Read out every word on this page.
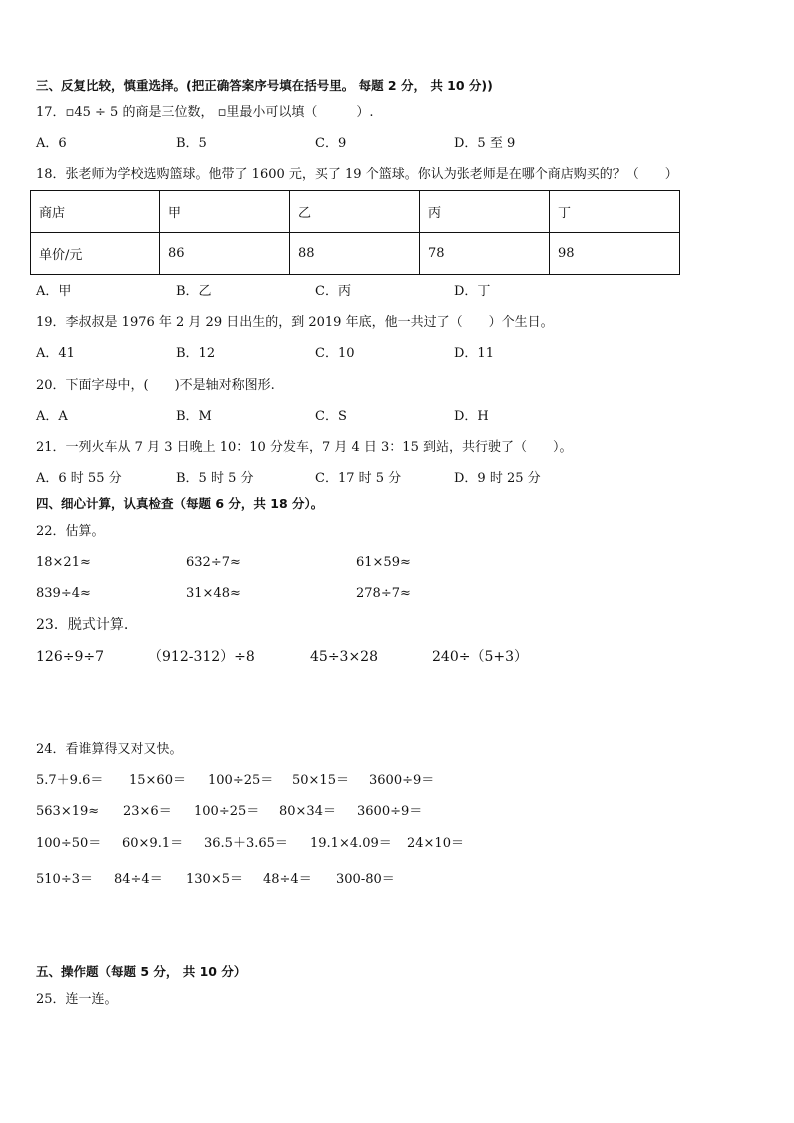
三、反复比较，慎重选择。(把正确答案序号填在括号里。 每题 2 分， 共 10 分))
17．▫45 ÷ 5 的商是三位数， ▫里最小可以填（　　　）.
A．6	B．5	C．9	D．5 至 9
18．张老师为学校选购篮球。他带了 1600 元，买了 19 个篮球。你认为张老师是在哪个商店购买的？（　　）
商店	甲	乙	丙	丁
单价/元	86	88	78	98
A．甲	B．乙	C．丙	D．丁
19．李叔叔是 1976 年 2 月 29 日出生的，到 2019 年底，他一共过了（　　）个生日。
A．41	B．12	C．10	D．11
20．下面字母中，(　　)不是轴对称图形.
A．A	B．M	C．S	D．H
21．一列火车从 7 月 3 日晚上 10：10 分发车，7 月 4 日 3：15 到站，共行驶了（　　）。
A．6 时 55 分	B．5 时 5 分	C．17 时 5 分	D．9 时 25 分
四、细心计算，认真检查（每题 6 分，共 18 分）。
22．估算。
18×21≈	632÷7≈	61×59≈
839÷4≈	31×48≈	278÷7≈
23．脱式计算.
126÷9÷7	（912-312）÷8	45÷3×28	240÷（5+3）
24．看谁算得又对又快。
5.7＋9.6＝ 15×60＝ 100÷25＝ 50×15＝ 3600÷9＝
563×19≈ 23×6＝ 100÷25＝ 80×34＝ 3600÷9＝
100÷50＝ 60×9.1＝ 36.5＋3.65＝ 19.1×4.09＝ 24×10＝
510÷3＝ 84÷4＝ 130×5＝ 48÷4＝ 300-80＝
五、操作题（每题 5 分， 共 10 分）
25．连一连。
